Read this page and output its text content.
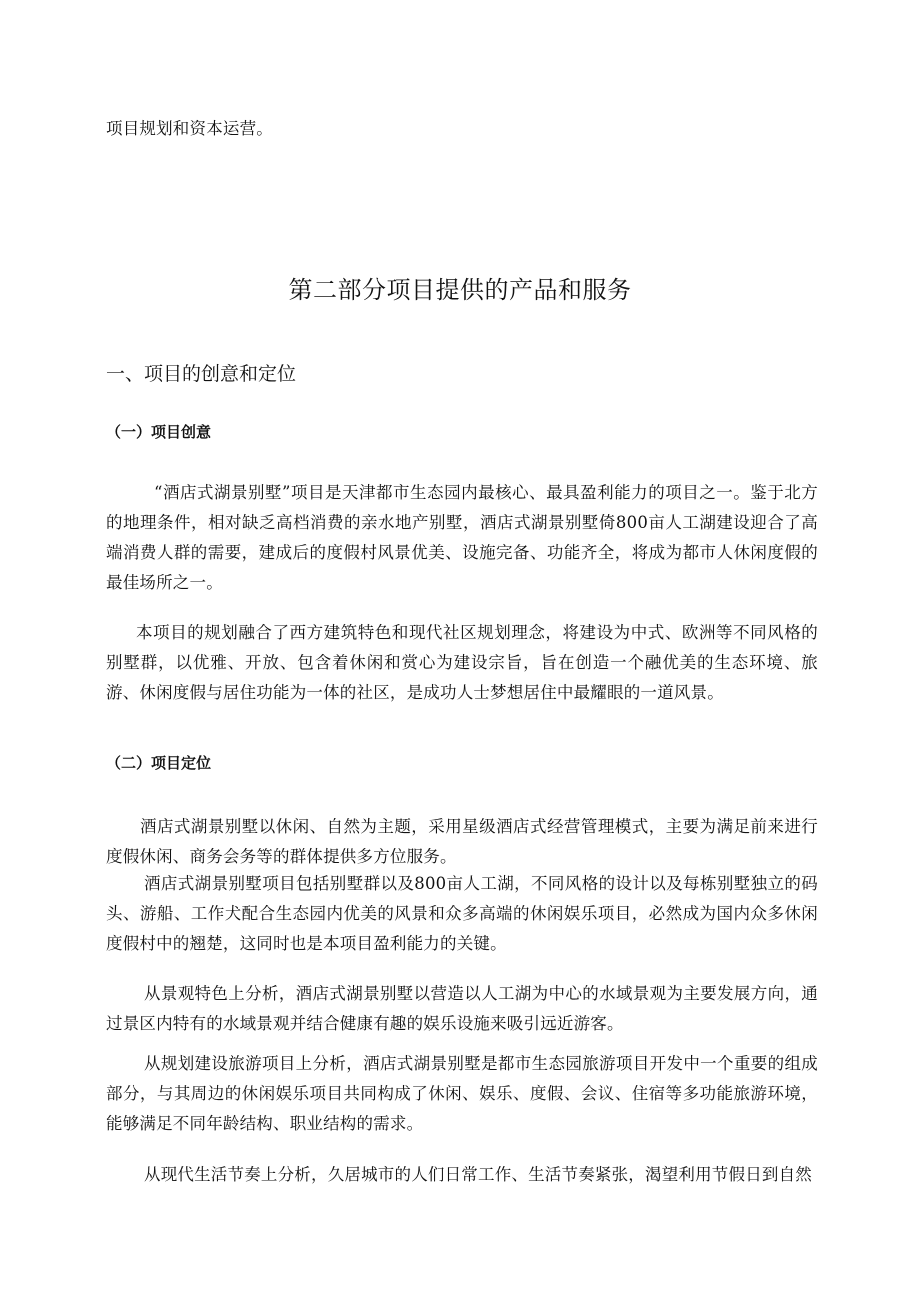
项目规划和资本运营。

第二部分项目提供的产品和服务
一、项目的创意和定位
（一）项目创意

“酒店式湖景别墅”项目是天津都市生态园内最核心、最具盈利能力的项目之一。鉴于北方的地理条件，相对缺乏高档消费的亲水地产别墅，酒店式湖景别墅倚800亩人工湖建设迎合了高端消费人群的需要，建成后的度假村风景优美、设施完备、功能齐全，将成为都市人休闲度假的最佳场所之一。

本项目的规划融合了西方建筑特色和现代社区规划理念，将建设为中式、欧洲等不同风格的别墅群，以优雅、开放、包含着休闲和赏心为建设宗旨，旨在创造一个融优美的生态环境、旅游、休闲度假与居住功能为一体的社区，是成功人士梦想居住中最耀眼的一道风景。

（二）项目定位

酒店式湖景别墅以休闲、自然为主题，采用星级酒店式经营管理模式，主要为满足前来进行度假休闲、商务会务等的群体提供多方位服务。

酒店式湖景别墅项目包括别墅群以及800亩人工湖，不同风格的设计以及每栋别墅独立的码头、游船、工作犬配合生态园内优美的风景和众多高端的休闲娱乐项目，必然成为国内众多休闲度假村中的翘楚，这同时也是本项目盈利能力的关键。

从景观特色上分析，酒店式湖景别墅以营造以人工湖为中心的水域景观为主要发展方向，通过景区内特有的水域景观并结合健康有趣的娱乐设施来吸引远近游客。

从规划建设旅游项目上分析，酒店式湖景别墅是都市生态园旅游项目开发中一个重要的组成部分，与其周边的休闲娱乐项目共同构成了休闲、娱乐、度假、会议、住宿等多功能旅游环境，能够满足不同年龄结构、职业结构的需求。

从现代生活节奏上分析，久居城市的人们日常工作、生活节奏紧张，渴望利用节假日到自然
